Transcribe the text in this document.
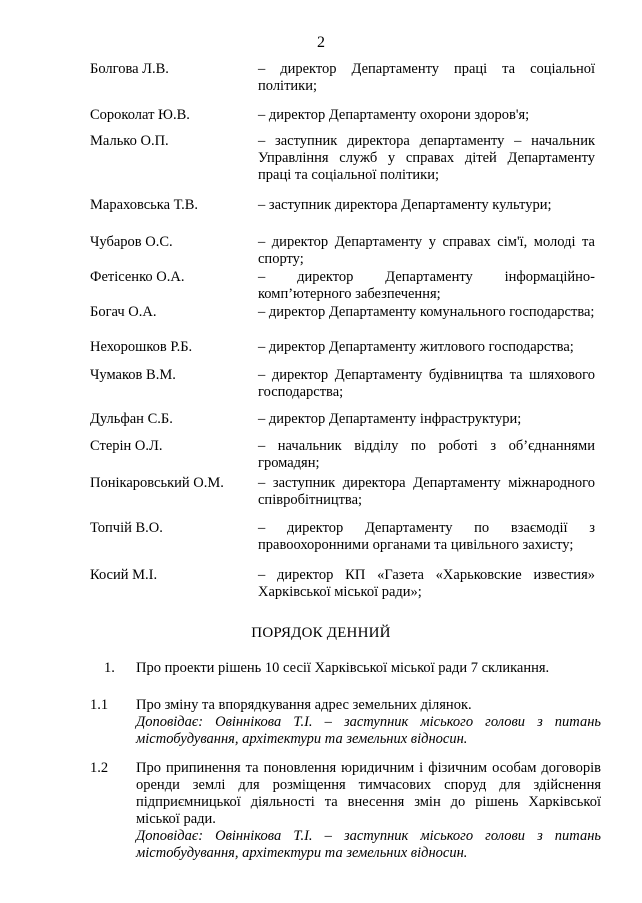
2
Болгова Л.В.	– директор Департаменту праці та соціальної політики;
Сороколат Ю.В.	– директор Департаменту охорони здоров'я;
Малько О.П.	– заступник директора департаменту – начальник Управління служб у справах дітей Департаменту праці та соціальної політики;
Мараховська Т.В.	– заступник директора Департаменту культури;
Чубаров О.С.	– директор Департаменту у справах сім'ї, молоді та спорту;
Фетісенко О.А.	– директор Департаменту інформаційно-комп’ютерного забезпечення;
Богач О.А.	– директор Департаменту комунального господарства;
Нехорошков Р.Б.	– директор Департаменту житлового господарства;
Чумаков В.М.	– директор Департаменту будівництва та шляхового господарства;
Дульфан С.Б.	– директор Департаменту інфраструктури;
Стерін О.Л.	– начальник відділу по роботі з об’єднаннями громадян;
Понікаровський О.М. – заступник директора Департаменту міжнародного співробітництва;
Топчій В.О.	– директор Департаменту по взаємодії з правоохоронними органами та цивільного захисту;
Косий М.І.	– директор КП «Газета «Харьковские известия» Харківської міської ради»;
ПОРЯДОК ДЕННИЙ
1. Про проекти рішень 10 сесії Харківської міської ради 7 скликання.
1.1 Про зміну та впорядкування адрес земельних ділянок.
Доповідає: Овіннікова Т.І. – заступник міського голови з питань містобудування, архітектури та земельних відносин.
1.2 Про припинення та поновлення юридичним і фізичним особам договорів оренди землі для розміщення тимчасових споруд для здійснення підприємницької діяльності та внесення змін до рішень Харківської міської ради.
Доповідає: Овіннікова Т.І. – заступник міського голови з питань містобудування, архітектури та земельних відносин.
